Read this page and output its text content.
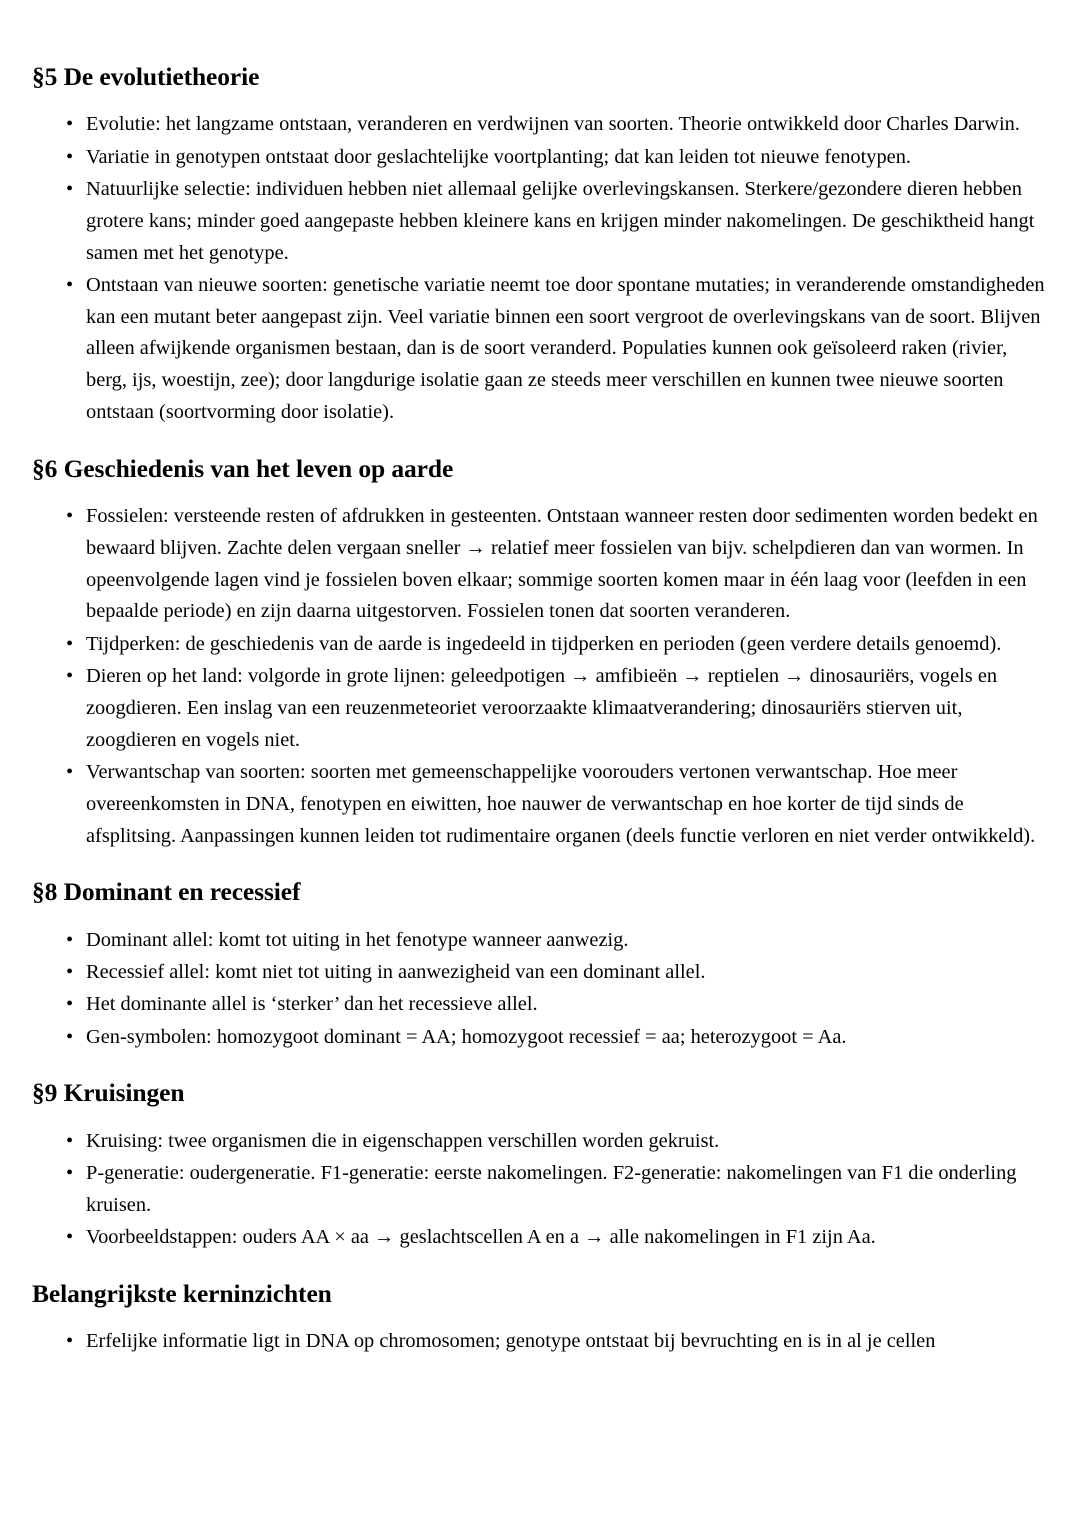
§5 De evolutietheorie
• Evolutie: het langzame ontstaan, veranderen en verdwijnen van soorten. Theorie ontwikkeld door Charles Darwin.
• Variatie in genotypen ontstaat door geslachtelijke voortplanting; dat kan leiden tot nieuwe fenotypen.
• Natuurlijke selectie: individuen hebben niet allemaal gelijke overlevingskansen. Sterkere/gezondere dieren hebben grotere kans; minder goed aangepaste hebben kleinere kans en krijgen minder nakomelingen. De geschiktheid hangt samen met het genotype.
• Ontstaan van nieuwe soorten: genetische variatie neemt toe door spontane mutaties; in veranderende omstandigheden kan een mutant beter aangepast zijn. Veel variatie binnen een soort vergroot de overlevingskans van de soort. Blijven alleen afwijkende organismen bestaan, dan is de soort veranderd. Populaties kunnen ook geïsoleerd raken (rivier, berg, ijs, woestijn, zee); door langdurige isolatie gaan ze steeds meer verschillen en kunnen twee nieuwe soorten ontstaan (soortvorming door isolatie).
§6 Geschiedenis van het leven op aarde
• Fossielen: versteende resten of afdrukken in gesteenten. Ontstaan wanneer resten door sedimenten worden bedekt en bewaard blijven. Zachte delen vergaan sneller → relatief meer fossielen van bijv. schelpdieren dan van wormen. In opeenvolgende lagen vind je fossielen boven elkaar; sommige soorten komen maar in één laag voor (leefden in een bepaalde periode) en zijn daarna uitgestorven. Fossielen tonen dat soorten veranderen.
• Tijdperken: de geschiedenis van de aarde is ingedeeld in tijdperken en perioden (geen verdere details genoemd).
• Dieren op het land: volgorde in grote lijnen: geleedpotigen → amfibieën → reptielen → dinosauriërs, vogels en zoogdieren. Een inslag van een reuzenmeteoriet veroorzaakte klimaatverandering; dinosauriërs stierven uit, zoogdieren en vogels niet.
• Verwantschap van soorten: soorten met gemeenschappelijke voorouders vertonen verwantschap. Hoe meer overeenkomsten in DNA, fenotypen en eiwitten, hoe nauwer de verwantschap en hoe korter de tijd sinds de afsplitsing. Aanpassingen kunnen leiden tot rudimentaire organen (deels functie verloren en niet verder ontwikkeld).
§8 Dominant en recessief
• Dominant allel: komt tot uiting in het fenotype wanneer aanwezig.
• Recessief allel: komt niet tot uiting in aanwezigheid van een dominant allel.
• Het dominante allel is ‘sterker’ dan het recessieve allel.
• Gen-symbolen: homozygoot dominant = AA; homozygoot recessief = aa; heterozygoot = Aa.
§9 Kruisingen
• Kruising: twee organismen die in eigenschappen verschillen worden gekruist.
• P-generatie: oudergeneratie. F1-generatie: eerste nakomelingen. F2-generatie: nakomelingen van F1 die onderling kruisen.
• Voorbeeldstappen: ouders AA × aa → geslachtscellen A en a → alle nakomelingen in F1 zijn Aa.
Belangrijkste kerninzichten
• Erfelijke informatie ligt in DNA op chromosomen; genotype ontstaat bij bevruchting en is in al je cellen
